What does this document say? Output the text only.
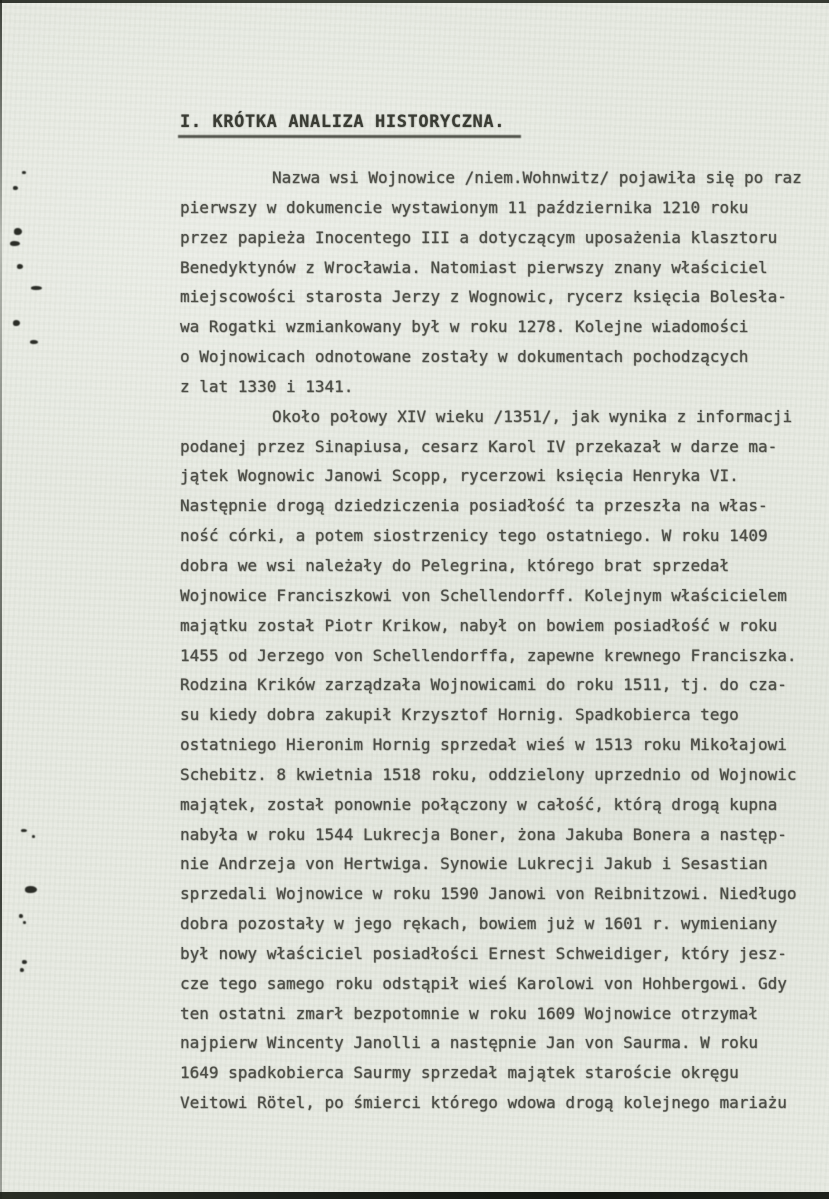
I. KRÓTKA ANALIZA HISTORYCZNA.
Nazwa wsi Wojnowice /niem.Wohnwitz/ pojawiła się po raz
pierwszy w dokumencie wystawionym 11 października 1210 roku
przez papieża Inocentego III a dotyczącym uposażenia klasztoru
Benedyktynów z Wrocławia. Natomiast pierwszy znany właściciel
miejscowości starosta Jerzy z Wognowic, rycerz księcia Bolesła-
wa Rogatki wzmiankowany był w roku 1278. Kolejne wiadomości
o Wojnowicach odnotowane zostały w dokumentach pochodzących
z lat 1330 i 1341.
Około połowy XIV wieku /1351/, jak wynika z informacji
podanej przez Sinapiusa, cesarz Karol IV przekazał w darze ma-
jątek Wognowic Janowi Scopp, rycerzowi księcia Henryka VI.
Następnie drogą dziedziczenia posiadłość ta przeszła na włas-
ność córki, a potem siostrzenicy tego ostatniego. W roku 1409
dobra we wsi należały do Pelegrina, którego brat sprzedał
Wojnowice Franciszkowi von Schellendorff. Kolejnym właścicielem
majątku został Piotr Krikow, nabył on bowiem posiadłość w roku
1455 od Jerzego von Schellendorffa, zapewne krewnego Franciszka.
Rodzina Krików zarządzała Wojnowicami do roku 1511, tj. do cza-
su kiedy dobra zakupił Krzysztof Hornig. Spadkobierca tego
ostatniego Hieronim Hornig sprzedał wieś w 1513 roku Mikołajowi
Schebitz. 8 kwietnia 1518 roku, oddzielony uprzednio od Wojnowic
majątek, został ponownie połączony w całość, którą drogą kupna
nabyła w roku 1544 Lukrecja Boner, żona Jakuba Bonera a następ-
nie Andrzeja von Hertwiga. Synowie Lukrecji Jakub i Sesastian
sprzedali Wojnowice w roku 1590 Janowi von Reibnitzowi. Niedługo
dobra pozostały w jego rękach, bowiem już w 1601 r. wymieniany
był nowy właściciel posiadłości Ernest Schweidiger, który jesz-
cze tego samego roku odstąpił wieś Karolowi von Hohbergowi. Gdy
ten ostatni zmarł bezpotomnie w roku 1609 Wojnowice otrzymał
najpierw Wincenty Janolli a następnie Jan von Saurma. W roku
1649 spadkobierca Saurmy sprzedał majątek staroście okręgu
Veitowi Rötel, po śmierci którego wdowa drogą kolejnego mariażu
